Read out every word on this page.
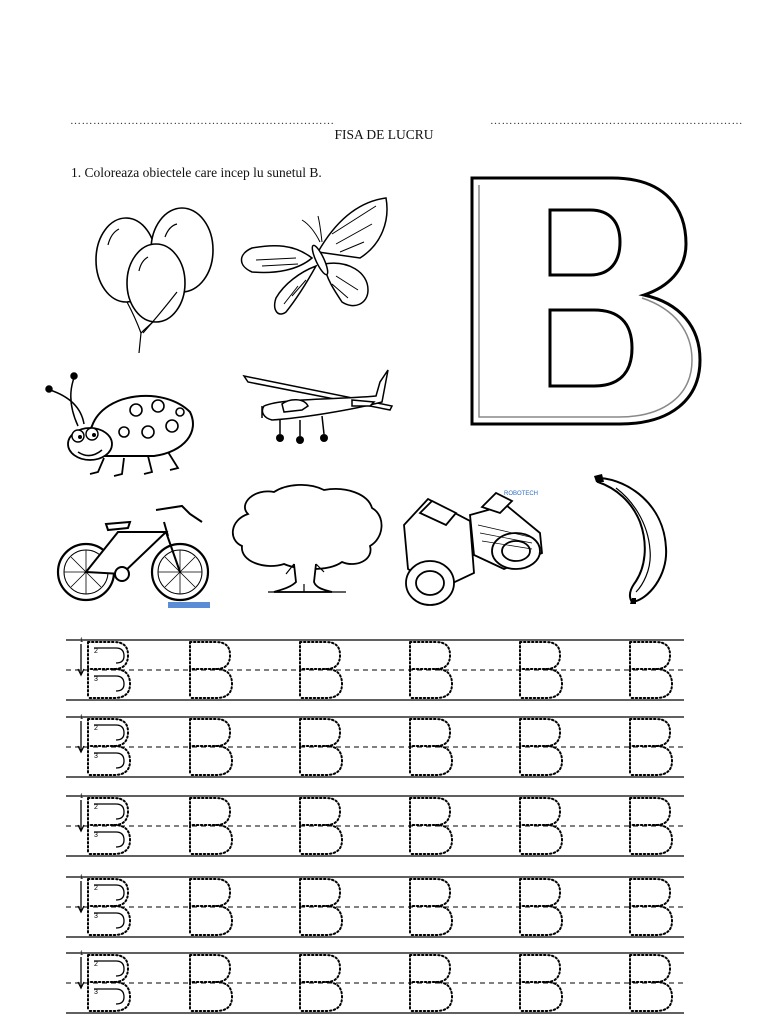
……………………………………………………………	…………………………………………………………
FISA DE LUCRU
1. Coloreaza obiectele care incep lu sunetul B.
ROBOTECH
1
2
3
1
2
3
1
2
3
1
2
3
1
2
3
